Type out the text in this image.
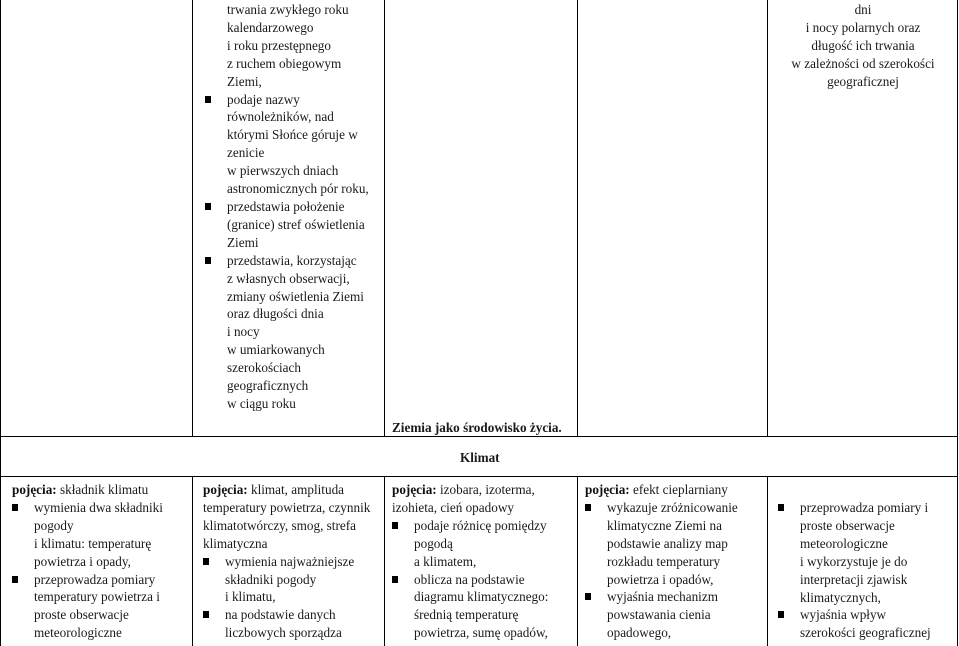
trwania zwykłego roku
kalendarzowego
i roku przestępnego
z ruchem obiegowym
Ziemi,
podaje nazwy
równoleżników, nad
którymi Słońce góruje w
zenicie
w pierwszych dniach
astronomicznych pór roku,
przedstawia położenie
(granice) stref oświetlenia
Ziemi
przedstawia, korzystając
z własnych obserwacji,
zmiany oświetlenia Ziemi
oraz długości dnia
i nocy
w umiarkowanych
szerokościach
geograficznych
w ciągu roku
Ziemia jako środowisko życia.
dni
i nocy polarnych oraz
długość ich trwania
w zależności od szerokości
geograficznej
Klimat
pojęcia: składnik klimatu
wymienia dwa składniki
pogody
i klimatu: temperaturę
powietrza i opady,
przeprowadza pomiary
temperatury powietrza i
proste obserwacje
meteorologiczne
pojęcia: klimat, amplituda
temperatury powietrza, czynnik
klimatotwórczy, smog, strefa
klimatyczna
wymienia najważniejsze
składniki pogody
i klimatu,
na podstawie danych
liczbowych sporządza
pojęcia: izobara, izoterma,
izohieta, cień opadowy
podaje różnicę pomiędzy
pogodą
a klimatem,
oblicza na podstawie
diagramu klimatycznego:
średnią temperaturę
powietrza, sumę opadów,
pojęcia: efekt cieplarniany
wykazuje zróżnicowanie
klimatyczne Ziemi na
podstawie analizy map
rozkładu temperatury
powietrza i opadów,
wyjaśnia mechanizm
powstawania cienia
opadowego,
przeprowadza pomiary i
proste obserwacje
meteorologiczne
i wykorzystuje je do
interpretacji zjawisk
klimatycznych,
wyjaśnia wpływ
szerokości geograficznej
